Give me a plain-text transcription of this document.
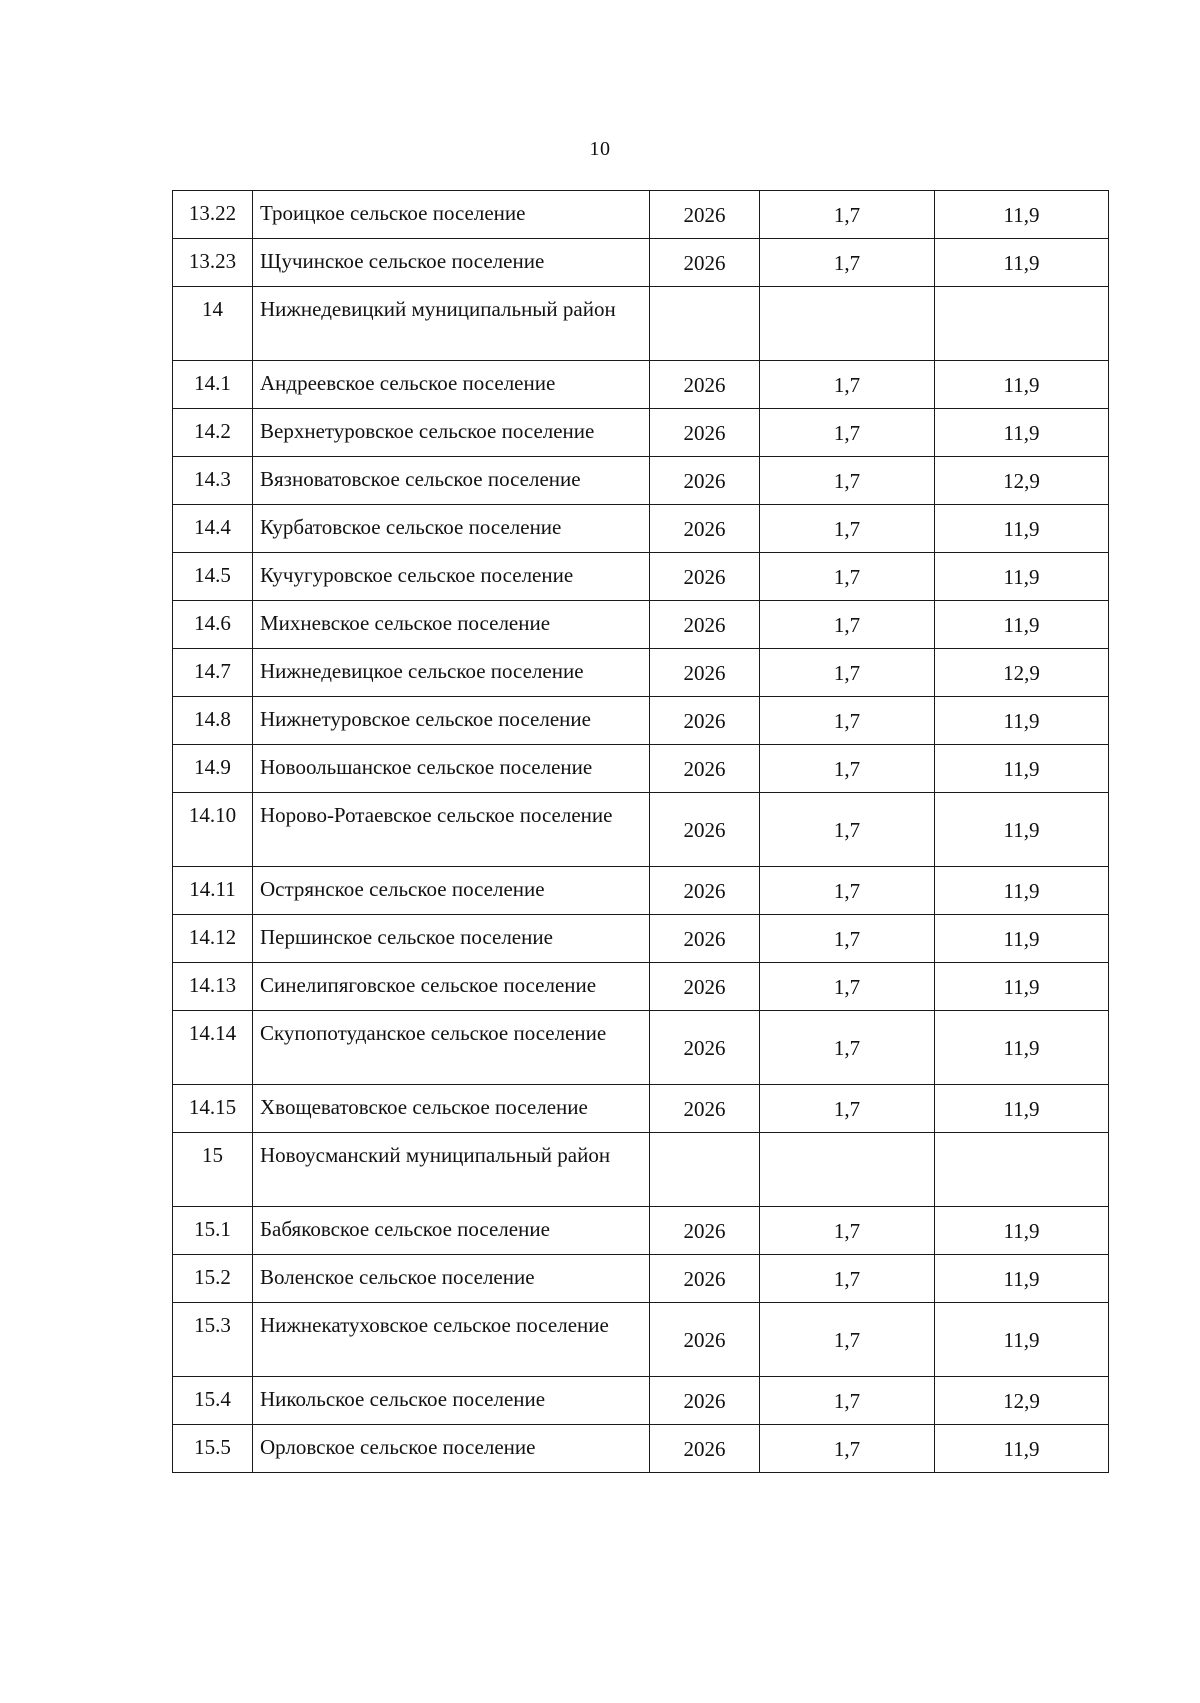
10
13.22	Троицкое сельское поселение	2026	1,7	11,9
13.23	Щучинское сельское поселение	2026	1,7	11,9
14	Нижнедевицкий муниципальный район			
14.1	Андреевское сельское поселение	2026	1,7	11,9
14.2	Верхнетуровское сельское поселение	2026	1,7	11,9
14.3	Вязноватовское сельское поселение	2026	1,7	12,9
14.4	Курбатовское сельское поселение	2026	1,7	11,9
14.5	Кучугуровское сельское поселение	2026	1,7	11,9
14.6	Михневское сельское поселение	2026	1,7	11,9
14.7	Нижнедевицкое сельское поселение	2026	1,7	12,9
14.8	Нижнетуровское сельское поселение	2026	1,7	11,9
14.9	Новоольшанское сельское поселение	2026	1,7	11,9
14.10	Норово-Ротаевское сельское поселение	2026	1,7	11,9
14.11	Острянское сельское поселение	2026	1,7	11,9
14.12	Першинское сельское поселение	2026	1,7	11,9
14.13	Синелипяговское сельское поселение	2026	1,7	11,9
14.14	Скупопотуданское сельское поселение	2026	1,7	11,9
14.15	Хвощеватовское сельское поселение	2026	1,7	11,9
15	Новоусманский муниципальный район			
15.1	Бабяковское сельское поселение	2026	1,7	11,9
15.2	Воленское сельское поселение	2026	1,7	11,9
15.3	Нижнекатуховское сельское поселение	2026	1,7	11,9
15.4	Никольское сельское поселение	2026	1,7	12,9
15.5	Орловское сельское поселение	2026	1,7	11,9
